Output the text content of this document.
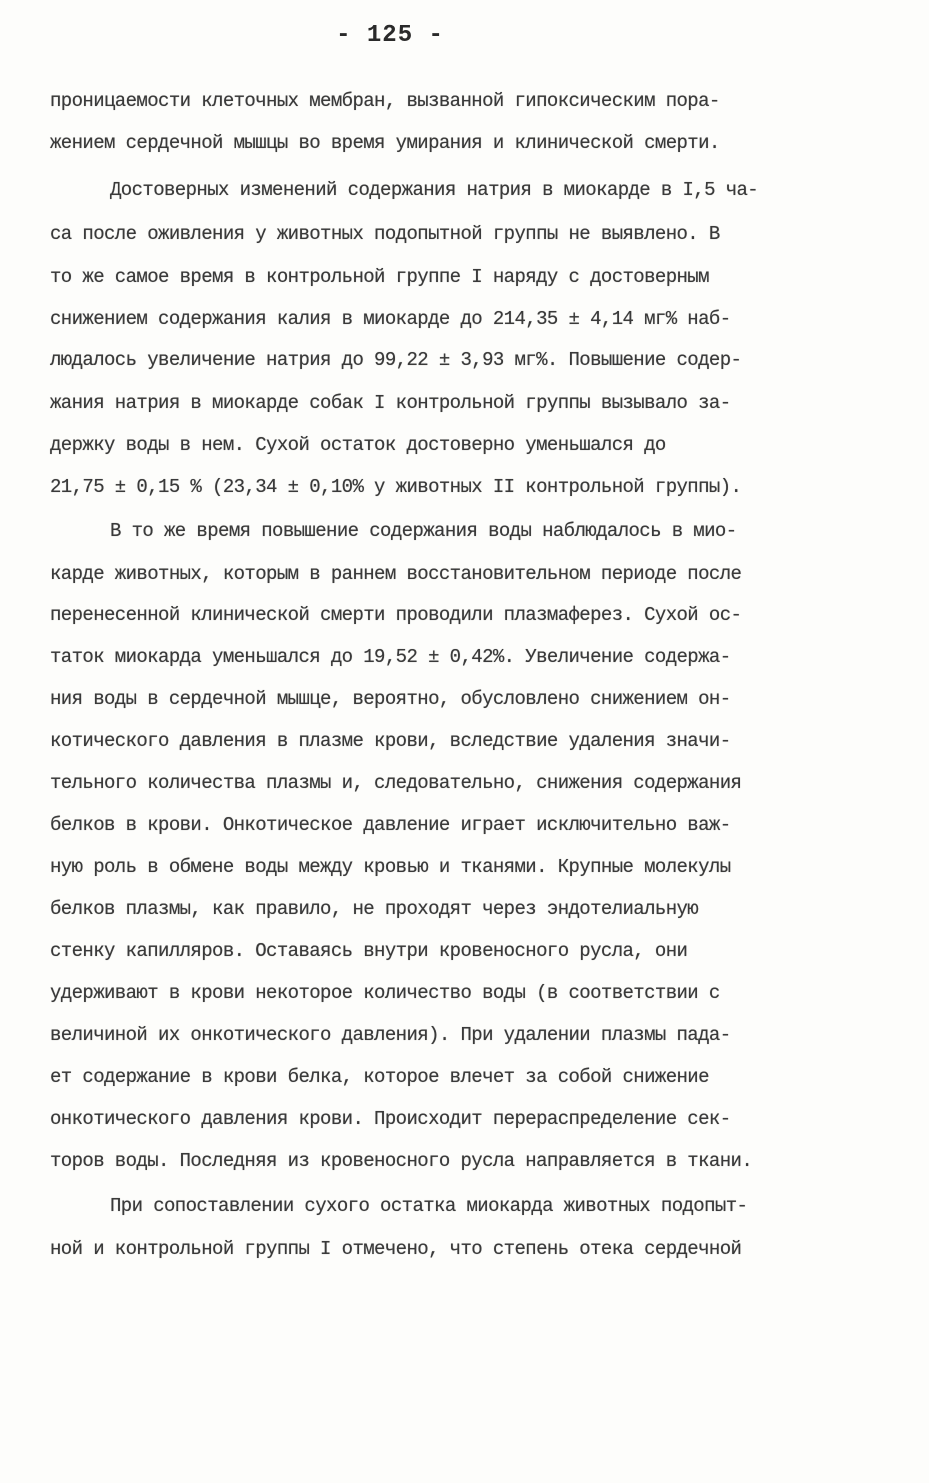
- 125 -
проницаемости клеточных мембран, вызванной гипоксическим пора-
жением сердечной мышцы во время умирания и клинической смерти.
Достоверных изменений содержания натрия в миокарде в I,5 ча-
са после оживления у животных подопытной группы не выявлено. В
то же самое время в контрольной группе I наряду с достоверным
снижением содержания калия в миокарде до 214,35 ± 4,14 мг% наб-
людалось увеличение натрия до 99,22 ± 3,93 мг%. Повышение содер-
жания натрия в миокарде собак I контрольной группы вызывало за-
держку воды в нем. Сухой остаток достоверно уменьшался до
21,75 ± 0,15 % (23,34 ± 0,10% у животных II контрольной группы).
В то же время повышение содержания воды наблюдалось в мио-
карде животных, которым в раннем восстановительном периоде после
перенесенной клинической смерти проводили плазмаферез. Сухой ос-
таток миокарда уменьшался до 19,52 ± 0,42%. Увеличение содержа-
ния воды в сердечной мышце, вероятно, обусловлено снижением он-
котического давления в плазме крови, вследствие удаления значи-
тельного количества плазмы и, следовательно, снижения содержания
белков в крови. Онкотическое давление играет исключительно важ-
ную роль в обмене воды между кровью и тканями. Крупные молекулы
белков плазмы, как правило, не проходят через эндотелиальную
стенку капилляров. Оставаясь внутри кровеносного русла, они
удерживают в крови некоторое количество воды (в соответствии с
величиной их онкотического давления). При удалении плазмы пада-
ет содержание в крови белка, которое влечет за собой снижение
онкотического давления крови. Происходит перераспределение сек-
торов воды. Последняя из кровеносного русла направляется в ткани.
При сопоставлении сухого остатка миокарда животных подопыт-
ной и контрольной группы I отмечено, что степень отека сердечной
